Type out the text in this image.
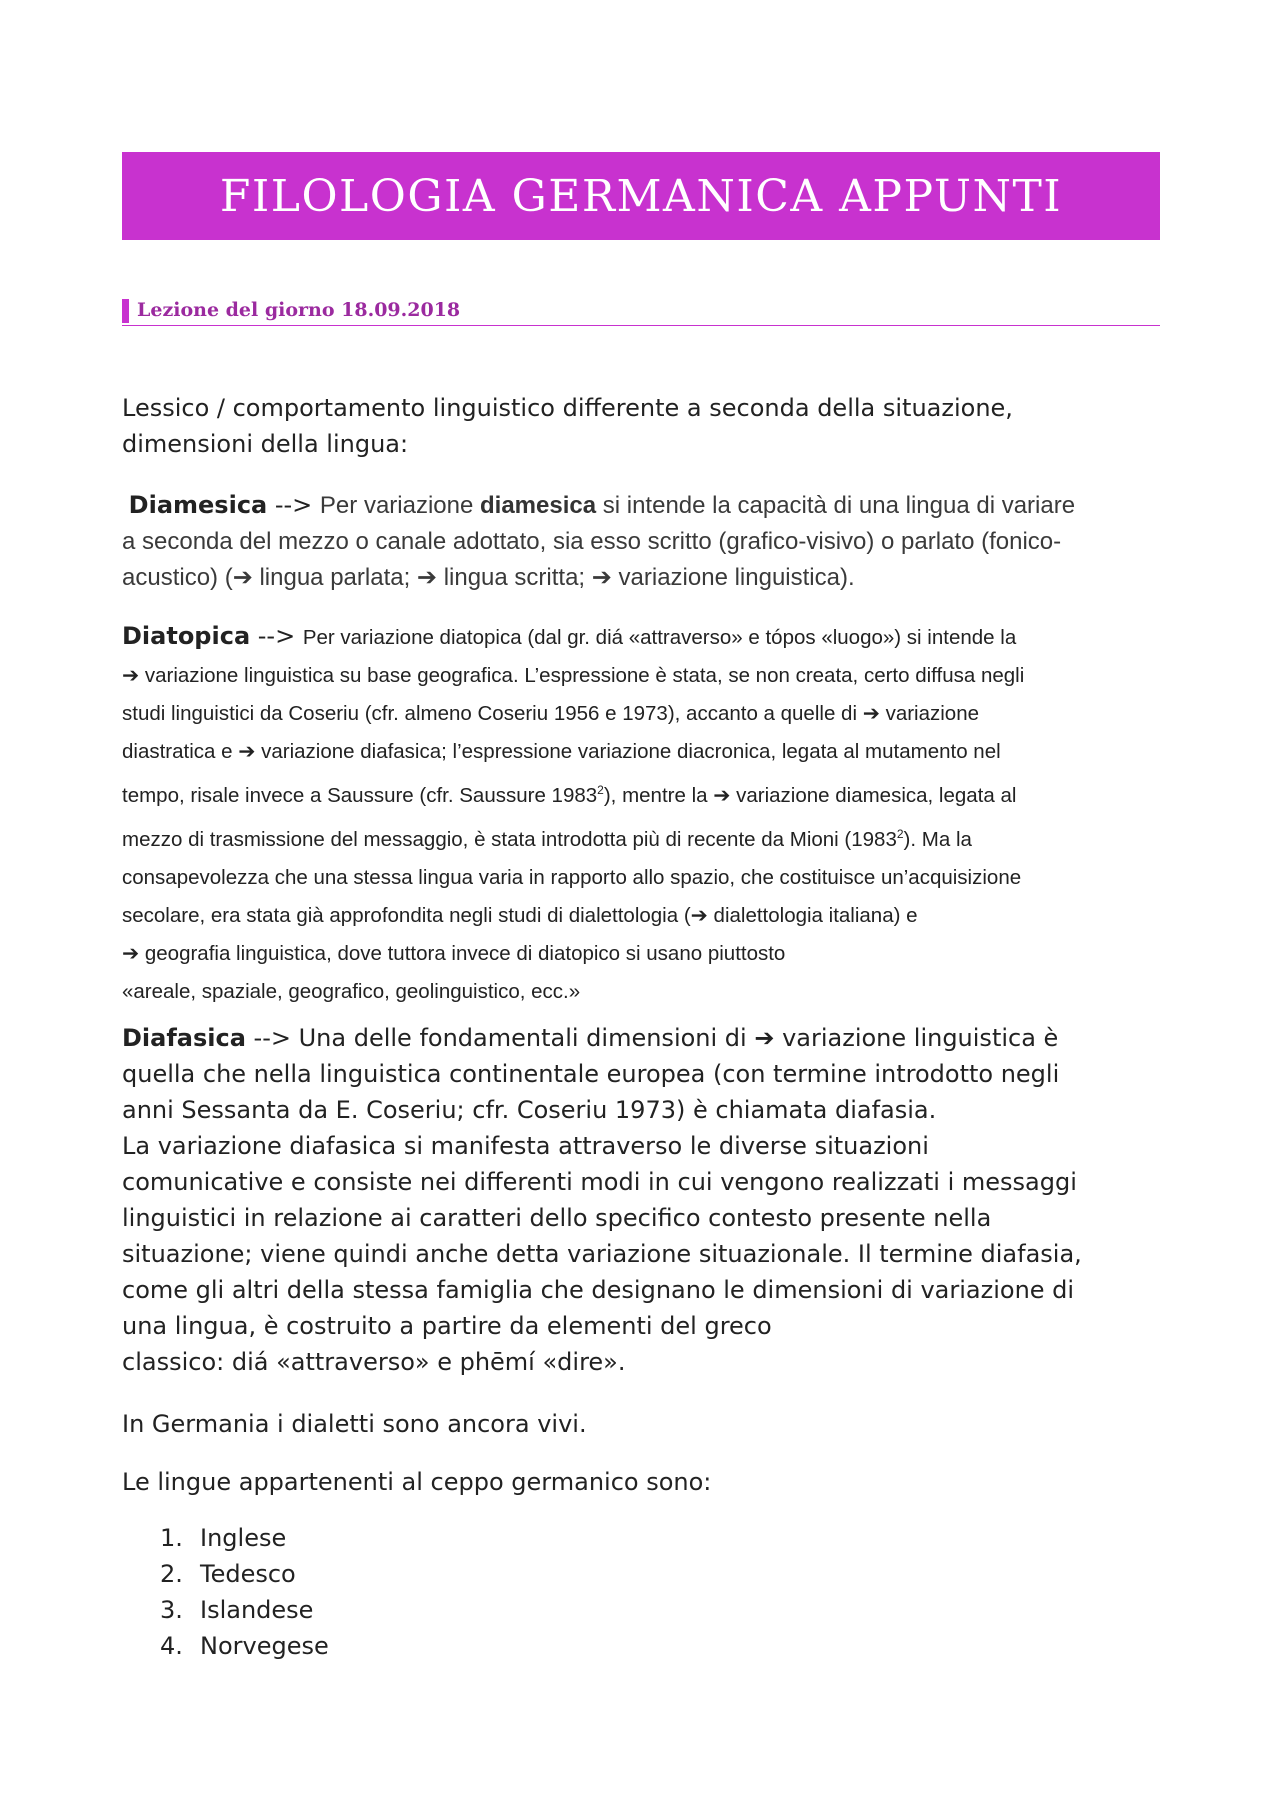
FILOLOGIA GERMANICA APPUNTI
Lezione del giorno 18.09.2018

Lessico / comportamento linguistico differente a seconda della situazione,

dimensioni della lingua:

Diamesica --> Per variazione diamesica si intende la capacità di una lingua di variare

a seconda del mezzo o canale adottato, sia esso scritto (grafico-visivo) o parlato (fonico-

acustico) (➔ lingua parlata; ➔ lingua scritta; ➔ variazione linguistica).

Diatopica --> Per variazione diatopica (dal gr. diá «attraverso» e tópos «luogo») si intende la

➔ variazione linguistica su base geografica. L’espressione è stata, se non creata, certo diffusa negli

studi linguistici da Coseriu (cfr. almeno Coseriu 1956 e 1973), accanto a quelle di ➔ variazione

diastratica e ➔ variazione diafasica; l’espressione variazione diacronica, legata al mutamento nel

tempo, risale invece a Saussure (cfr. Saussure 1983$^2$), mentre la ➔ variazione diamesica, legata al

mezzo di trasmissione del messaggio, è stata introdotta più di recente da Mioni (1983$^2$). Ma la

consapevolezza che una stessa lingua varia in rapporto allo spazio, che costituisce un’acquisizione

secolare, era stata già approfondita negli studi di dialettologia (➔ dialettologia italiana) e

➔ geografia linguistica, dove tuttora invece di diatopico si usano piuttosto

«areale, spaziale, geografico, geolinguistico, ecc.»

Diafasica --> Una delle fondamentali dimensioni di ➔ variazione linguistica è

quella che nella linguistica continentale europea (con termine introdotto negli

anni Sessanta da E. Coseriu; cfr. Coseriu 1973) è chiamata diafasia.

La variazione diafasica si manifesta attraverso le diverse situazioni

comunicative e consiste nei differenti modi in cui vengono realizzati i messaggi

linguistici in relazione ai caratteri dello specifico contesto presente nella

situazione; viene quindi anche detta variazione situazionale. Il termine diafasia,

come gli altri della stessa famiglia che designano le dimensioni di variazione di

una lingua, è costruito a partire da elementi del greco

classico: diá «attraverso» e phēmí «dire».

In Germania i dialetti sono ancora vivi.

Le lingue appartenenti al ceppo germanico sono:

1. Inglese
2. Tedesco
3. Islandese
4. Norvegese
